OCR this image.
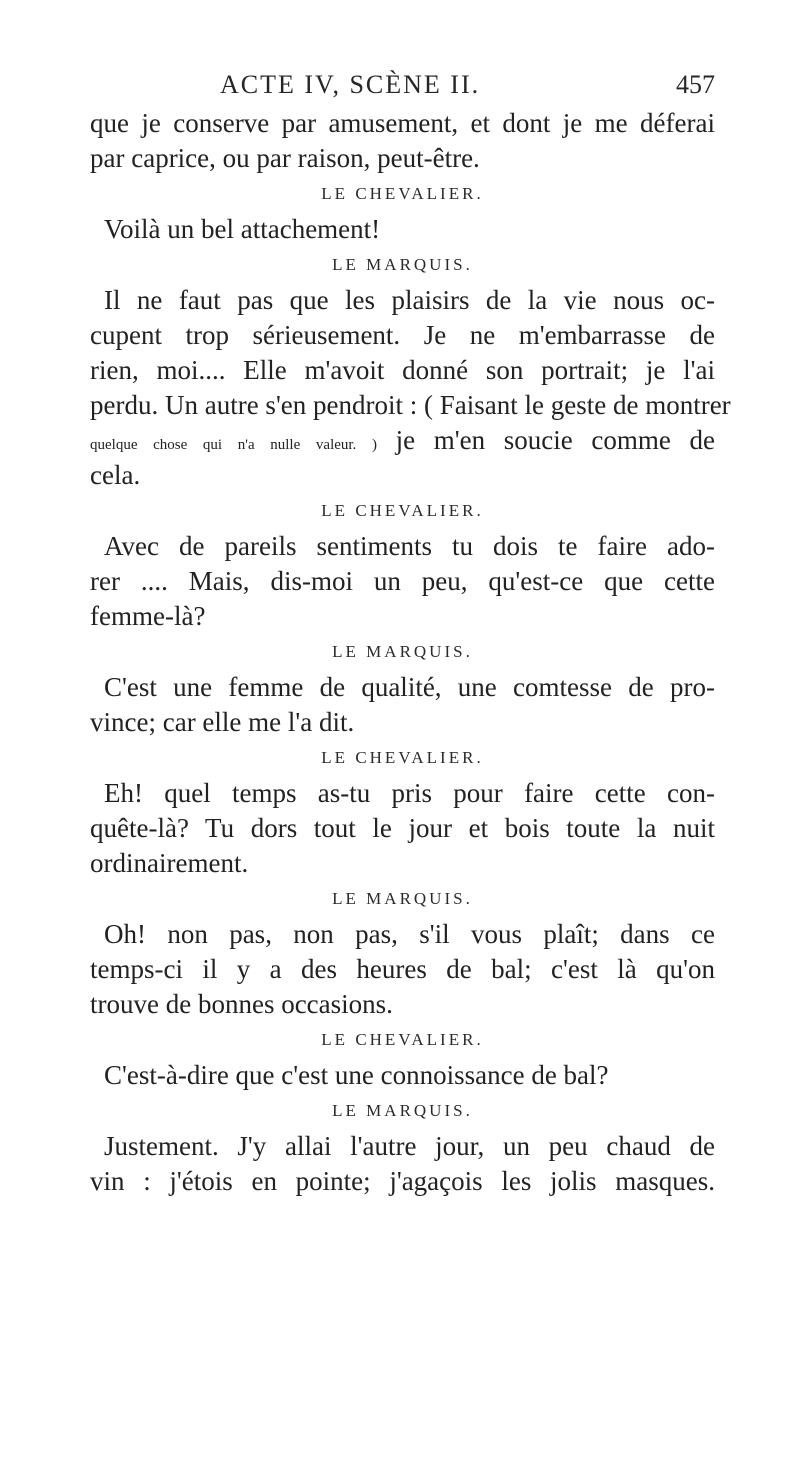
ACTE IV, SCÈNE II.	457
que je conserve par amusement, et dont je me déferai
par caprice, ou par raison, peut-être.
LE CHEVALIER.
Voilà un bel attachement!
LE MARQUIS.
Il ne faut pas que les plaisirs de la vie nous oc-
cupent trop sérieusement. Je ne m'embarrasse de
rien, moi.... Elle m'avoit donné son portrait; je l'ai
perdu. Un autre s'en pendroit : ( Faisant le geste de montrer
quelque chose qui n'a nulle valeur. ) je m'en soucie comme de
cela.
LE CHEVALIER.
Avec de pareils sentiments tu dois te faire ado-
rer .... Mais, dis-moi un peu, qu'est-ce que cette
femme-là?
LE MARQUIS.
C'est une femme de qualité, une comtesse de pro-
vince; car elle me l'a dit.
LE CHEVALIER.
Eh! quel temps as-tu pris pour faire cette con-
quête-là? Tu dors tout le jour et bois toute la nuit
ordinairement.
LE MARQUIS.
Oh! non pas, non pas, s'il vous plaît; dans ce
temps-ci il y a des heures de bal; c'est là qu'on
trouve de bonnes occasions.
LE CHEVALIER.
C'est-à-dire que c'est une connoissance de bal?
LE MARQUIS.
Justement. J'y allai l'autre jour, un peu chaud de
vin : j'étois en pointe; j'agaçois les jolis masques.
